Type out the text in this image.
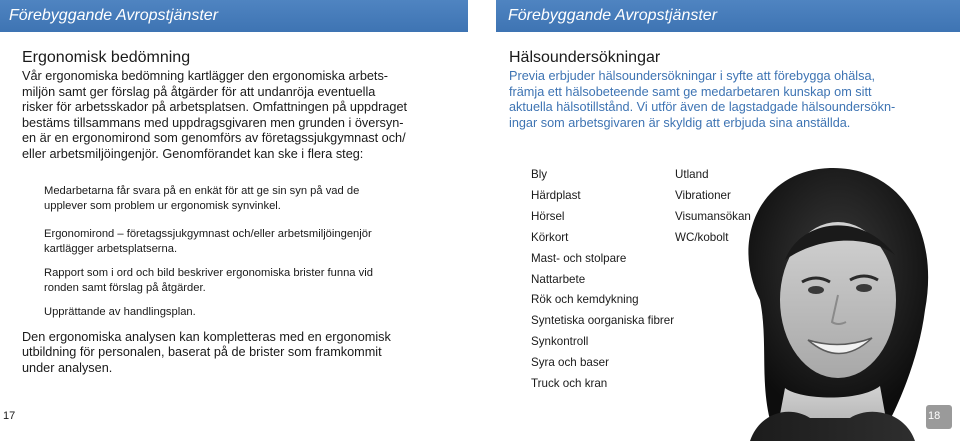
Förebyggande Avropstjänster	Förebyggande Avropstjänster
Ergonomisk bedömning

Vår ergonomiska bedömning kartlägger den ergonomiska arbets-
miljön samt ger förslag på åtgärder för att undanröja eventuella
risker för arbetsskador på arbetsplatsen. Omfattningen på uppdraget
bestäms tillsammans med uppdragsgivaren men grunden i översyn-
en är en ergonomirond som genomförs av företagssjukgymnast och/
eller arbetsmiljöingenjör. Genomförandet kan ske i flera steg:

Medarbetarna får svara på en enkät för att ge sin syn på vad de
upplever som problem ur ergonomisk synvinkel.
Ergonomirond – företagssjukgymnast och/eller arbetsmiljöingenjör
kartlägger arbetsplatserna.
Rapport som i ord och bild beskriver ergonomiska brister funna vid
ronden samt förslag på åtgärder.
Upprättande av handlingsplan.

Den ergonomiska analysen kan kompletteras med en ergonomisk
utbildning för personalen, baserat på de brister som framkommit
under analysen.

Hälsoundersökningar

Previa erbjuder hälsoundersökningar i syfte att förebygga ohälsa,
främja ett hälsobeteende samt ge medarbetaren kunskap om sitt
aktuella hälsotillstånd. Vi utför även de lagstadgade hälsoundersökn-
ingar som arbetsgivaren är skyldig att erbjuda sina anställda.

Bly
Härdplast
Hörsel
Körkort
Mast- och stolpare
Nattarbete
Rök och kemdykning
Syntetiska oorganiska fibrer
Synkontroll
Syra och baser
Truck och kran
Utland
Vibrationer
Visumansökan
WC/kobolt
17	18
